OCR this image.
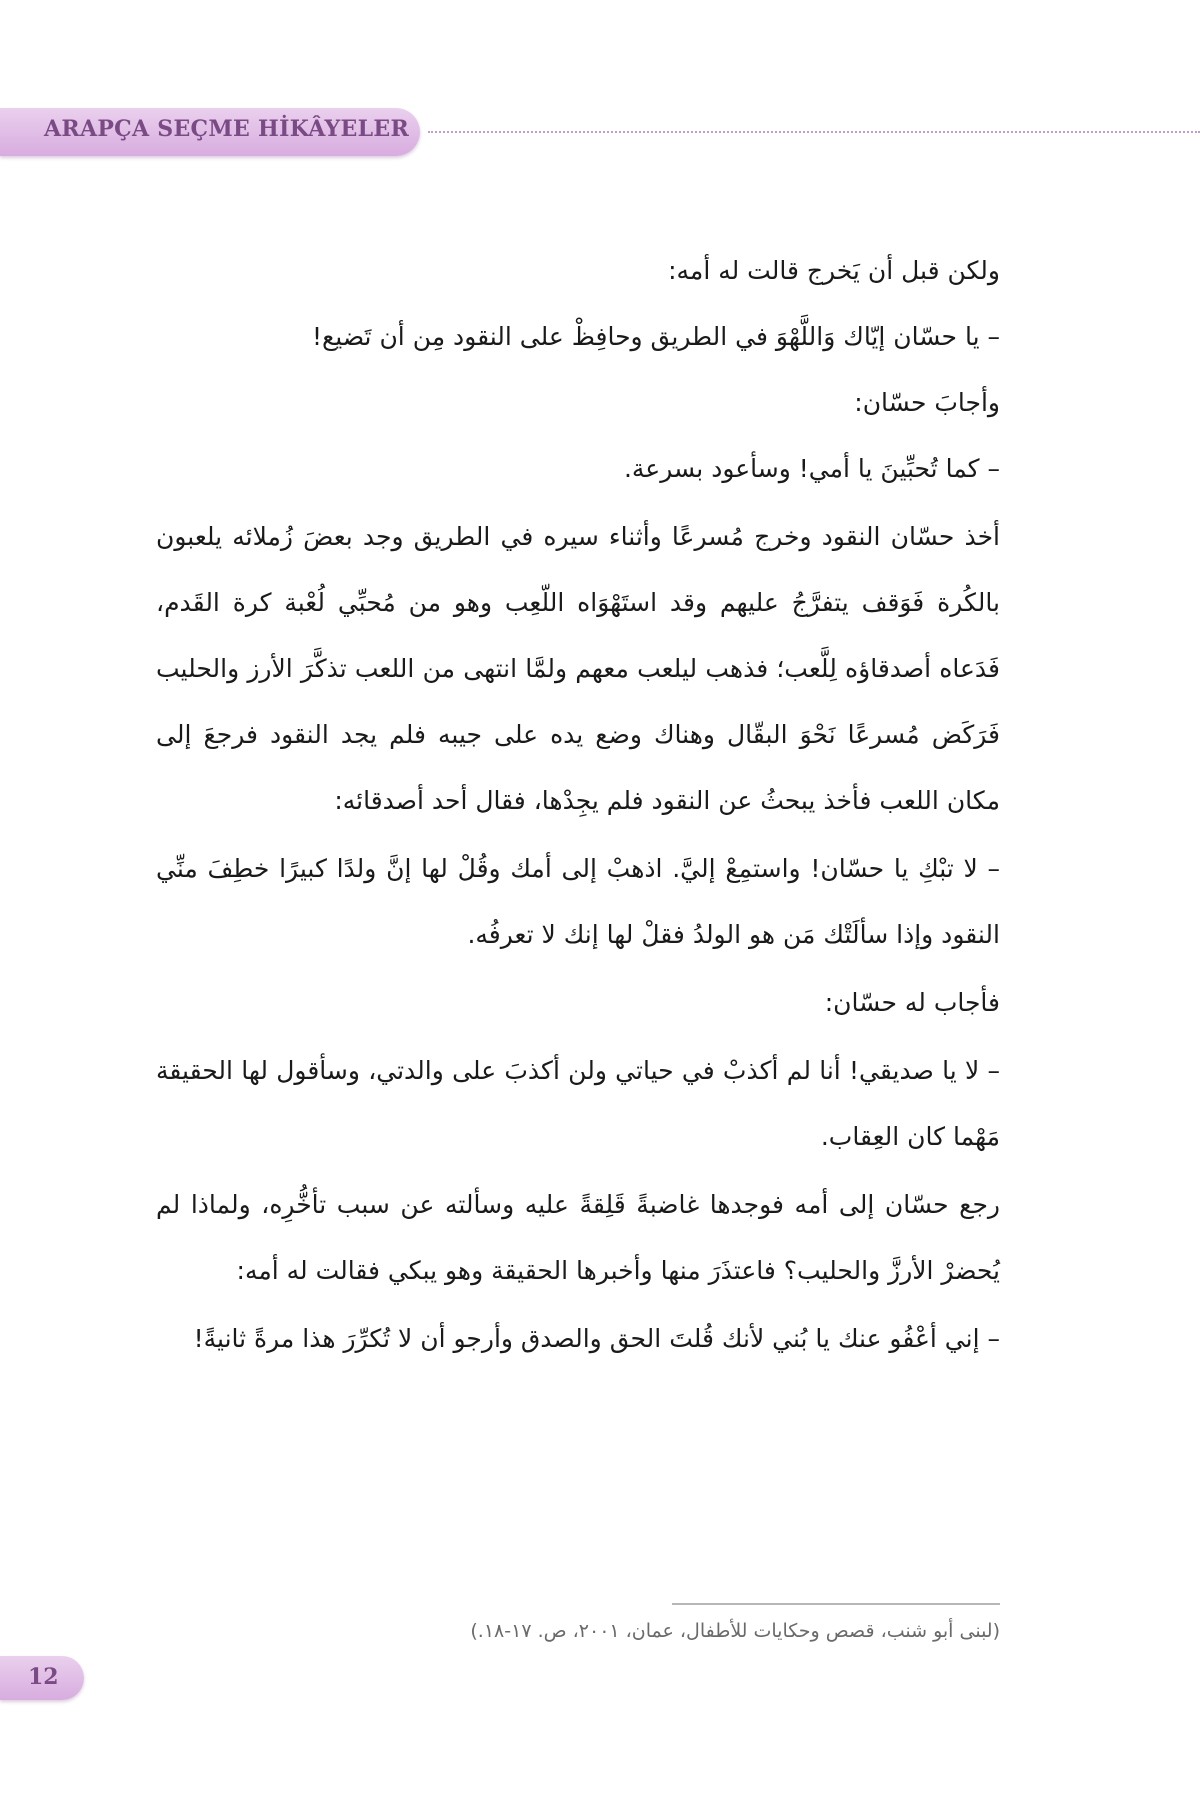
ARAPÇA SEÇME HİKÂYELER

ولكن قبل أن يَخرج قالت له أمه:

– يا حسّان إيّاك وَاللَّهْوَ في الطريق وحافِظْ على النقود مِن أن تَضيع!

وأجابَ حسّان:

– كما تُحبِّينَ يا أمي! وسأعود بسرعة.

أخذ حسّان النقود وخرج مُسرعًا وأثناء سيره في الطريق وجد بعضَ زُملائه يلعبون بالكُرة فَوَقف يتفرَّجُ عليهم وقد استَهْوَاه اللّعِب وهو من مُحبِّي لُعْبة كرة القَدم، فَدَعاه أصدقاؤه لِلَّعب؛ فذهب ليلعب معهم ولمَّا انتهى من اللعب تذكَّرَ الأرز والحليب فَرَكَض مُسرعًا نَحْوَ البقّال وهناك وضع يده على جيبه فلم يجد النقود فرجعَ إلى مكان اللعب فأخذ يبحثُ عن النقود فلم يجِدْها، فقال أحد أصدقائه:

– لا تبْكِ يا حسّان! واستمِعْ إليَّ. اذهبْ إلى أمك وقُلْ لها إنَّ ولدًا كبيرًا خطِفَ منِّي النقود وإذا سألَتْك مَن هو الولدُ فقلْ لها إنك لا تعرفُه.

فأجاب له حسّان:

– لا يا صديقي! أنا لم أكذبْ في حياتي ولن أكذبَ على والدتي، وسأقول لها الحقيقة مَهْما كان العِقاب.

رجع حسّان إلى أمه فوجدها غاضبةً قَلِقةً عليه وسألته عن سبب تأخُّرِه، ولماذا لم يُحضرْ الأرزَّ والحليب؟ فاعتذَرَ منها وأخبرها الحقيقة وهو يبكي فقالت له أمه:

– إني أعْفُو عنك يا بُني لأنك قُلتَ الحق والصدق وأرجو أن لا تُكرِّرَ هذا مرةً ثانيةً!

(لبنى أبو شنب، قصص وحكايات للأطفال، عمان، ٢٠٠١، ص. ١٧-١٨.)
12
